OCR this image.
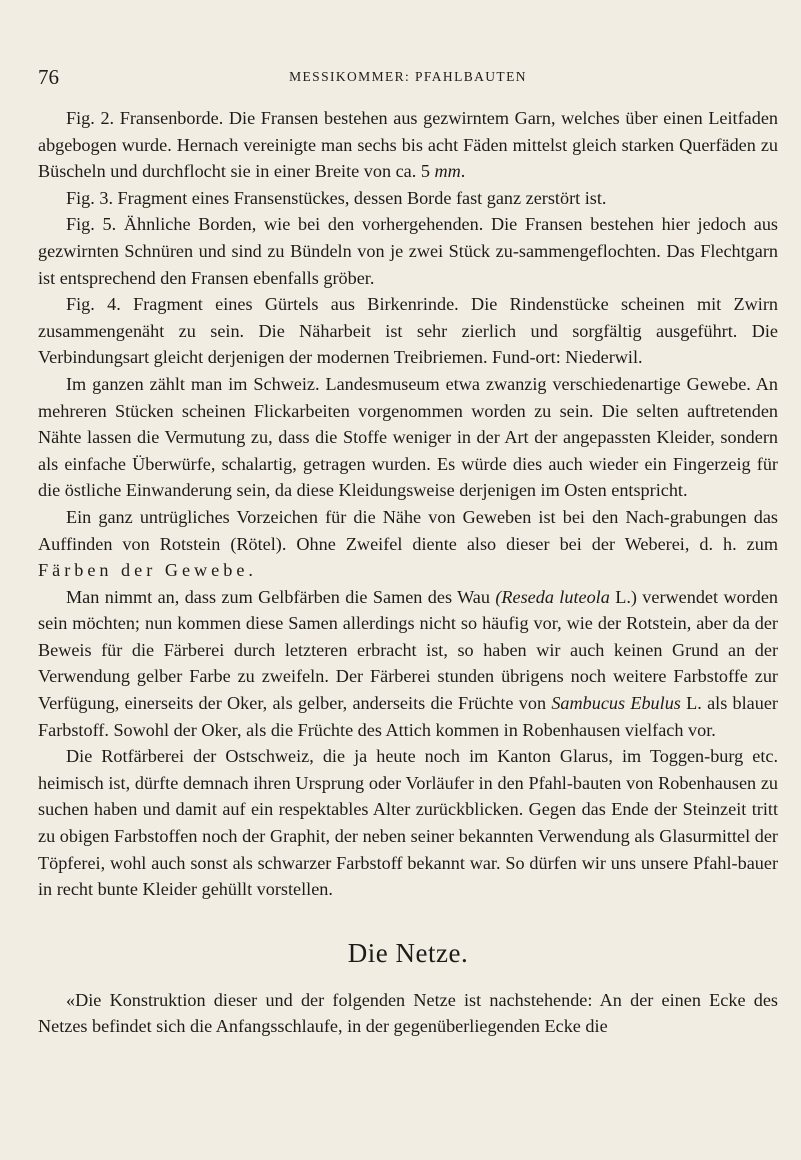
76	MESSIKOMMER: PFAHLBAUTEN

Fig. 2. Fransenborde. Die Fransen bestehen aus gezwirntem Garn, welches über einen Leitfaden abgebogen wurde. Hernach vereinigte man sechs bis acht Fäden mittelst gleich starken Querfäden zu Büscheln und durchflocht sie in einer Breite von ca. 5 mm.

Fig. 3. Fragment eines Fransenstückes, dessen Borde fast ganz zerstört ist.

Fig. 5. Ähnliche Borden, wie bei den vorhergehenden. Die Fransen bestehen hier jedoch aus gezwirnten Schnüren und sind zu Bündeln von je zwei Stück zu-sammengeflochten. Das Flechtgarn ist entsprechend den Fransen ebenfalls gröber.

Fig. 4. Fragment eines Gürtels aus Birkenrinde. Die Rindenstücke scheinen mit Zwirn zusammengenäht zu sein. Die Näharbeit ist sehr zierlich und sorgfältig ausgeführt. Die Verbindungsart gleicht derjenigen der modernen Treibriemen. Fund-ort: Niederwil.

Im ganzen zählt man im Schweiz. Landesmuseum etwa zwanzig verschiedenartige Gewebe. An mehreren Stücken scheinen Flickarbeiten vorgenommen worden zu sein. Die selten auftretenden Nähte lassen die Vermutung zu, dass die Stoffe weniger in der Art der angepassten Kleider, sondern als einfache Überwürfe, schalartig, getragen wurden. Es würde dies auch wieder ein Fingerzeig für die östliche Einwanderung sein, da diese Kleidungsweise derjenigen im Osten entspricht.

Ein ganz untrügliches Vorzeichen für die Nähe von Geweben ist bei den Nach-grabungen das Auffinden von Rotstein (Rötel). Ohne Zweifel diente also dieser bei der Weberei, d. h. zum Färben der Gewebe.

Man nimmt an, dass zum Gelbfärben die Samen des Wau (Reseda luteola L.) verwendet worden sein möchten; nun kommen diese Samen allerdings nicht so häufig vor, wie der Rotstein, aber da der Beweis für die Färberei durch letzteren erbracht ist, so haben wir auch keinen Grund an der Verwendung gelber Farbe zu zweifeln. Der Färberei stunden übrigens noch weitere Farbstoffe zur Verfügung, einerseits der Oker, als gelber, anderseits die Früchte von Sambucus Ebulus L. als blauer Farbstoff. Sowohl der Oker, als die Früchte des Attich kommen in Robenhausen vielfach vor.

Die Rotfärberei der Ostschweiz, die ja heute noch im Kanton Glarus, im Toggen-burg etc. heimisch ist, dürfte demnach ihren Ursprung oder Vorläufer in den Pfahl-bauten von Robenhausen zu suchen haben und damit auf ein respektables Alter zurückblicken. Gegen das Ende der Steinzeit tritt zu obigen Farbstoffen noch der Graphit, der neben seiner bekannten Verwendung als Glasurmittel der Töpferei, wohl auch sonst als schwarzer Farbstoff bekannt war. So dürfen wir uns unsere Pfahl-bauer in recht bunte Kleider gehüllt vorstellen.

Die Netze.

«Die Konstruktion dieser und der folgenden Netze ist nachstehende: An der einen Ecke des Netzes befindet sich die Anfangsschlaufe, in der gegenüberliegenden Ecke die
